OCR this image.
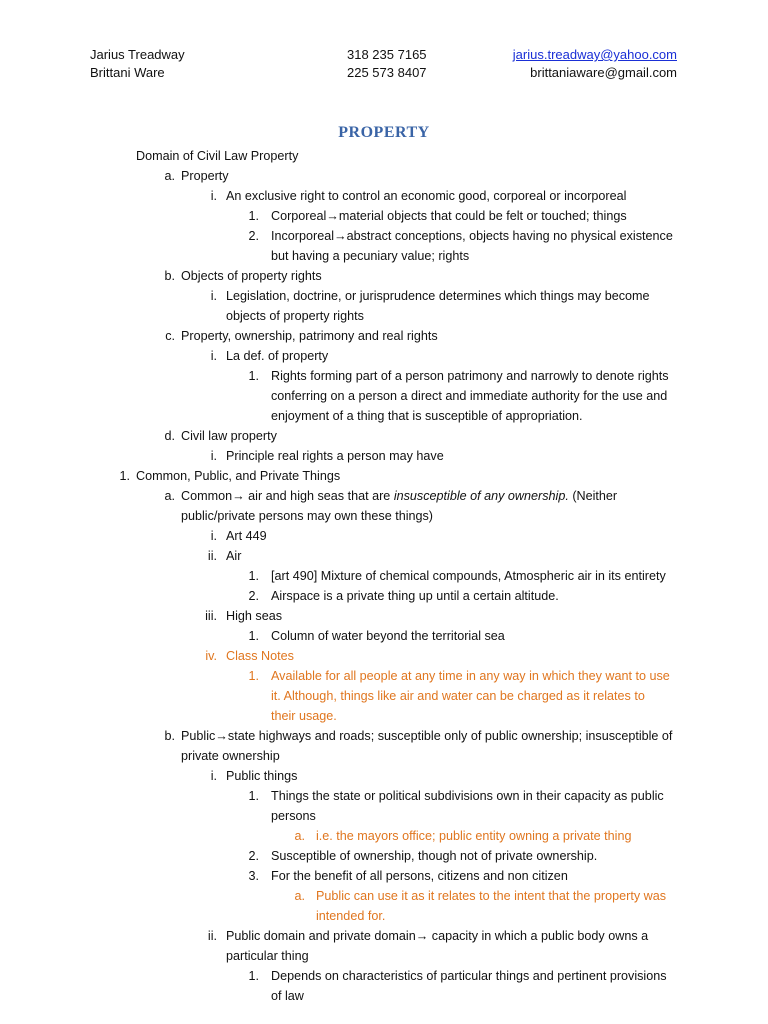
Jarius Treadway	318 235 7165	jarius.treadway@yahoo.com
Brittani Ware	225 573 8407	brittaniaware@gmail.com
PROPERTY
Domain of Civil Law Property
a. Property
i. An exclusive right to control an economic good, corporeal or incorporeal
1. Corporeal→material objects that could be felt or touched; things
2. Incorporeal→abstract conceptions, objects having no physical existence
but having a pecuniary value; rights
b. Objects of property rights
i. Legislation, doctrine, or jurisprudence determines which things may become
objects of property rights
c. Property, ownership, patrimony and real rights
i. La def. of property
1. Rights forming part of a person patrimony and narrowly to denote rights
conferring on a person a direct and immediate authority for the use and
enjoyment of a thing that is susceptible of appropriation.
d. Civil law property
i. Principle real rights a person may have
1. Common, Public, and Private Things
a. Common→ air and high seas that are insusceptible of any ownership. (Neither
public/private persons may own these things)
i. Art 449
ii. Air
1. [art 490] Mixture of chemical compounds, Atmospheric air in its entirety
2. Airspace is a private thing up until a certain altitude.
iii. High seas
1. Column of water beyond the territorial sea
iv. Class Notes
1. Available for all people at any time in any way in which they want to use
it. Although, things like air and water can be charged as it relates to
their usage.
b. Public→state highways and roads; susceptible only of public ownership; insusceptible of
private ownership
i. Public things
1. Things the state or political subdivisions own in their capacity as public
persons
a. i.e. the mayors office; public entity owning a private thing
2. Susceptible of ownership, though not of private ownership.
3. For the benefit of all persons, citizens and non citizen
a. Public can use it as it relates to the intent that the property was
intended for.
ii. Public domain and private domain→ capacity in which a public body owns a
particular thing
1. Depends on characteristics of particular things and pertinent provisions
of law
